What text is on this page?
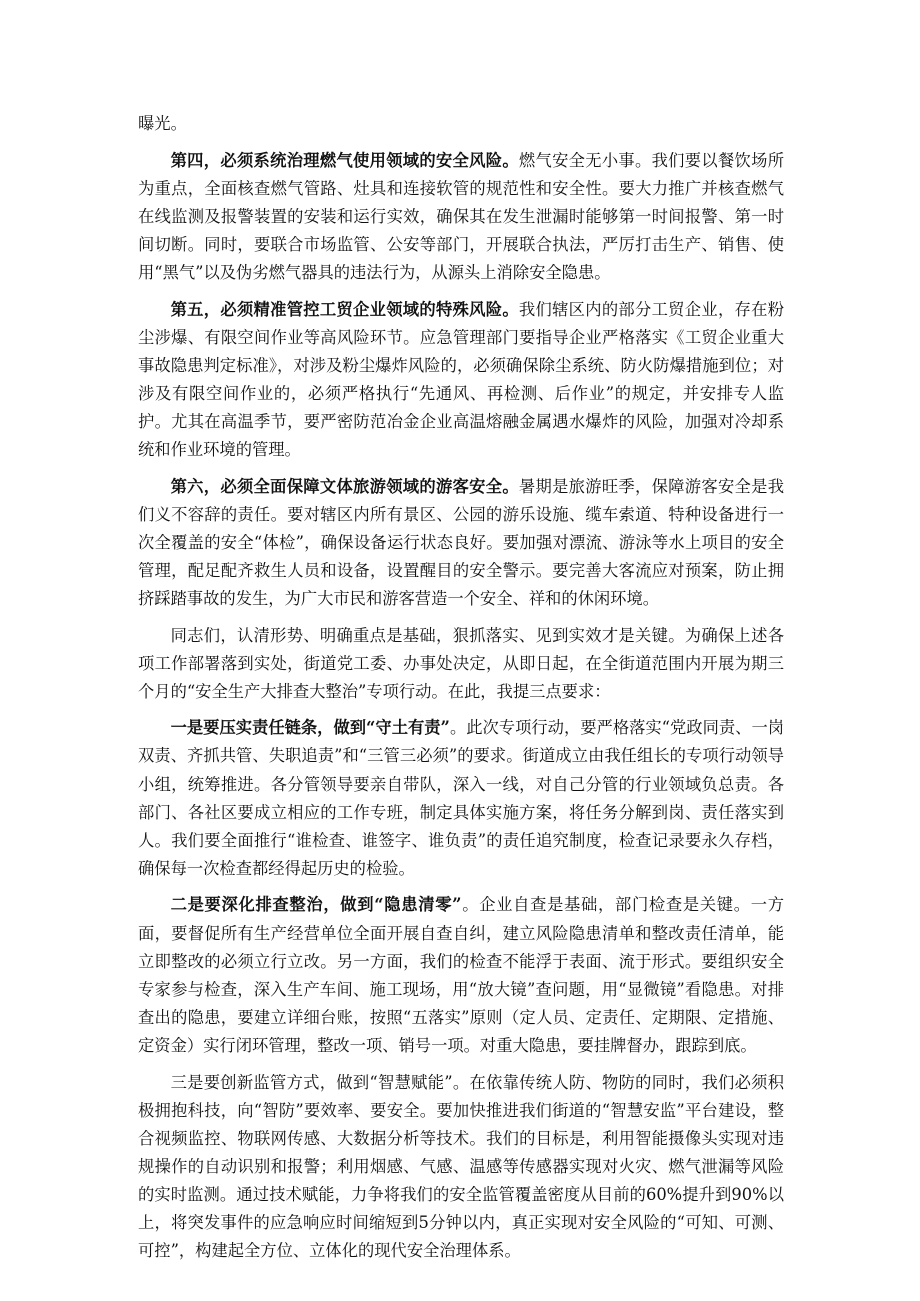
曝光。

第四，必须系统治理燃气使用领域的安全风险。燃气安全无小事。我们要以餐饮场所为重点，全面核查燃气管路、灶具和连接软管的规范性和安全性。要大力推广并核查燃气在线监测及报警装置的安装和运行实效，确保其在发生泄漏时能够第一时间报警、第一时间切断。同时，要联合市场监管、公安等部门，开展联合执法，严厉打击生产、销售、使用“黑气”以及伪劣燃气器具的违法行为，从源头上消除安全隐患。

第五，必须精准管控工贸企业领域的特殊风险。我们辖区内的部分工贸企业，存在粉尘涉爆、有限空间作业等高风险环节。应急管理部门要指导企业严格落实《工贸企业重大事故隐患判定标准》，对涉及粉尘爆炸风险的，必须确保除尘系统、防火防爆措施到位；对涉及有限空间作业的，必须严格执行“先通风、再检测、后作业”的规定，并安排专人监护。尤其在高温季节，要严密防范冶金企业高温熔融金属遇水爆炸的风险，加强对冷却系统和作业环境的管理。

第六，必须全面保障文体旅游领域的游客安全。暑期是旅游旺季，保障游客安全是我们义不容辞的责任。要对辖区内所有景区、公园的游乐设施、缆车索道、特种设备进行一次全覆盖的安全“体检”，确保设备运行状态良好。要加强对漂流、游泳等水上项目的安全管理，配足配齐救生人员和设备，设置醒目的安全警示。要完善大客流应对预案，防止拥挤踩踏事故的发生，为广大市民和游客营造一个安全、祥和的休闲环境。

同志们，认清形势、明确重点是基础，狠抓落实、见到实效才是关键。为确保上述各项工作部署落到实处，街道党工委、办事处决定，从即日起，在全街道范围内开展为期三个月的“安全生产大排查大整治”专项行动。在此，我提三点要求：

一是要压实责任链条，做到“守土有责”。此次专项行动，要严格落实“党政同责、一岗双责、齐抓共管、失职追责”和“三管三必须”的要求。街道成立由我任组长的专项行动领导小组，统筹推进。各分管领导要亲自带队，深入一线，对自己分管的行业领域负总责。各部门、各社区要成立相应的工作专班，制定具体实施方案，将任务分解到岗、责任落实到人。我们要全面推行“谁检查、谁签字、谁负责”的责任追究制度，检查记录要永久存档，确保每一次检查都经得起历史的检验。

二是要深化排查整治，做到“隐患清零”。企业自查是基础，部门检查是关键。一方面，要督促所有生产经营单位全面开展自查自纠，建立风险隐患清单和整改责任清单，能立即整改的必须立行立改。另一方面，我们的检查不能浮于表面、流于形式。要组织安全专家参与检查，深入生产车间、施工现场，用“放大镜”查问题，用“显微镜”看隐患。对排查出的隐患，要建立详细台账，按照“五落实”原则（定人员、定责任、定期限、定措施、定资金）实行闭环管理，整改一项、销号一项。对重大隐患，要挂牌督办，跟踪到底。

三是要创新监管方式，做到“智慧赋能”。在依靠传统人防、物防的同时，我们必须积极拥抱科技，向“智防”要效率、要安全。要加快推进我们街道的“智慧安监”平台建设，整合视频监控、物联网传感、大数据分析等技术。我们的目标是，利用智能摄像头实现对违规操作的自动识别和报警；利用烟感、气感、温感等传感器实现对火灾、燃气泄漏等风险的实时监测。通过技术赋能，力争将我们的安全监管覆盖密度从目前的60%提升到90%以上，将突发事件的应急响应时间缩短到5分钟以内，真正实现对安全风险的“可知、可测、可控”，构建起全方位、立体化的现代安全治理体系。
